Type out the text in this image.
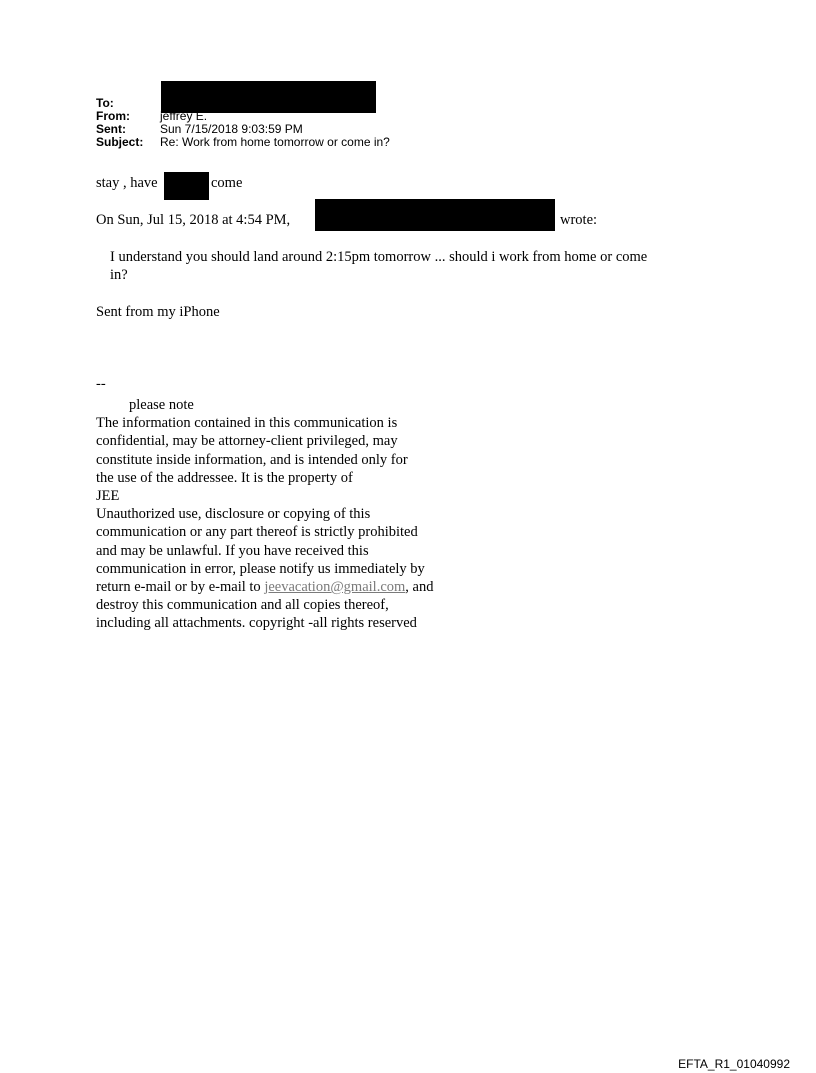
To:
From:	jeffrey E.
Sent:	Sun 7/15/2018 9:03:59 PM
Subject: Re: Work from home tomorrow or come in?
stay , have	come
On Sun, Jul 15, 2018 at 4:54 PM,	wrote:
I understand you should land around 2:15pm tomorrow ... should i work from home or come
in?
Sent from my iPhone
--
please note
The information contained in this communication is
confidential, may be attorney-client privileged, may
constitute inside information, and is intended only for
the use of the addressee. It is the property of
JEE
Unauthorized use, disclosure or copying of this
communication or any part thereof is strictly prohibited
and may be unlawful. If you have received this
communication in error, please notify us immediately by
return e-mail or by e-mail to jeevacation@gmail.com, and
destroy this communication and all copies thereof,
including all attachments. copyright -all rights reserved
EFTA_R1_01040992
